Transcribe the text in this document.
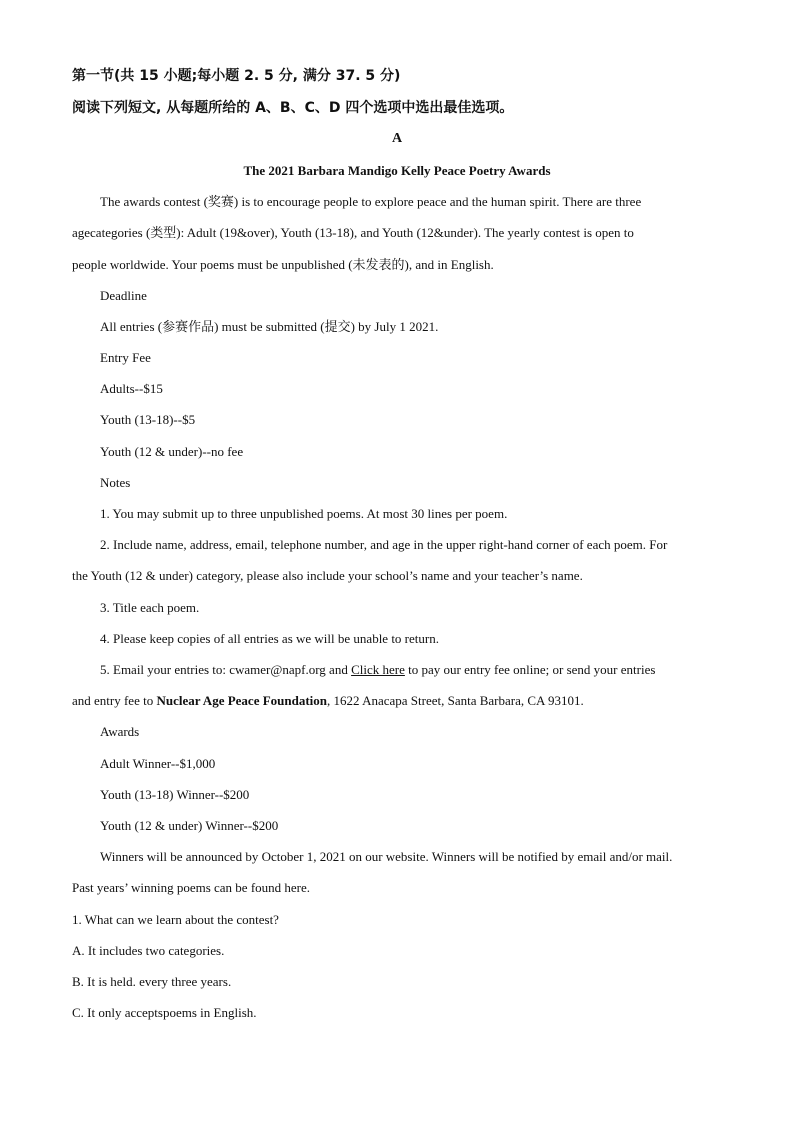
第一节(共 15 小题;每小题 2. 5 分, 满分 37. 5 分)
阅读下列短文, 从每题所给的 A、B、C、D 四个选项中选出最佳选项。
A
The 2021 Barbara Mandigo Kelly Peace Poetry Awards
The awards contest (奖赛) is to encourage people to explore peace and the human spirit. There are three
agecategories (类型): Adult (19&over), Youth (13-18), and Youth (12&under). The yearly contest is open to
people worldwide. Your poems must be unpublished (未发表的), and in English.
Deadline
All entries (参赛作品) must be submitted (提交) by July 1 2021.
Entry Fee
Adults--$15
Youth (13-18)--$5
Youth (12 & under)--no fee
Notes
1. You may submit up to three unpublished poems. At most 30 lines per poem.
2. Include name, address, email, telephone number, and age in the upper right-hand corner of each poem. For
the Youth (12 & under) category, please also include your school’s name and your teacher’s name.
3. Title each poem.
4. Please keep copies of all entries as we will be unable to return.
5. Email your entries to: cwamer@napf.org and Click here to pay our entry fee online; or send your entries
and entry fee to Nuclear Age Peace Foundation, 1622 Anacapa Street, Santa Barbara, CA 93101.
Awards
Adult Winner--$1,000
Youth (13-18) Winner--$200
Youth (12 & under) Winner--$200
Winners will be announced by October 1, 2021 on our website. Winners will be notified by email and/or mail.
Past years’ winning poems can be found here.
1. What can we learn about the contest?
A. It includes two categories.
B. It is held. every three years.
C. It only acceptspoems in English.
